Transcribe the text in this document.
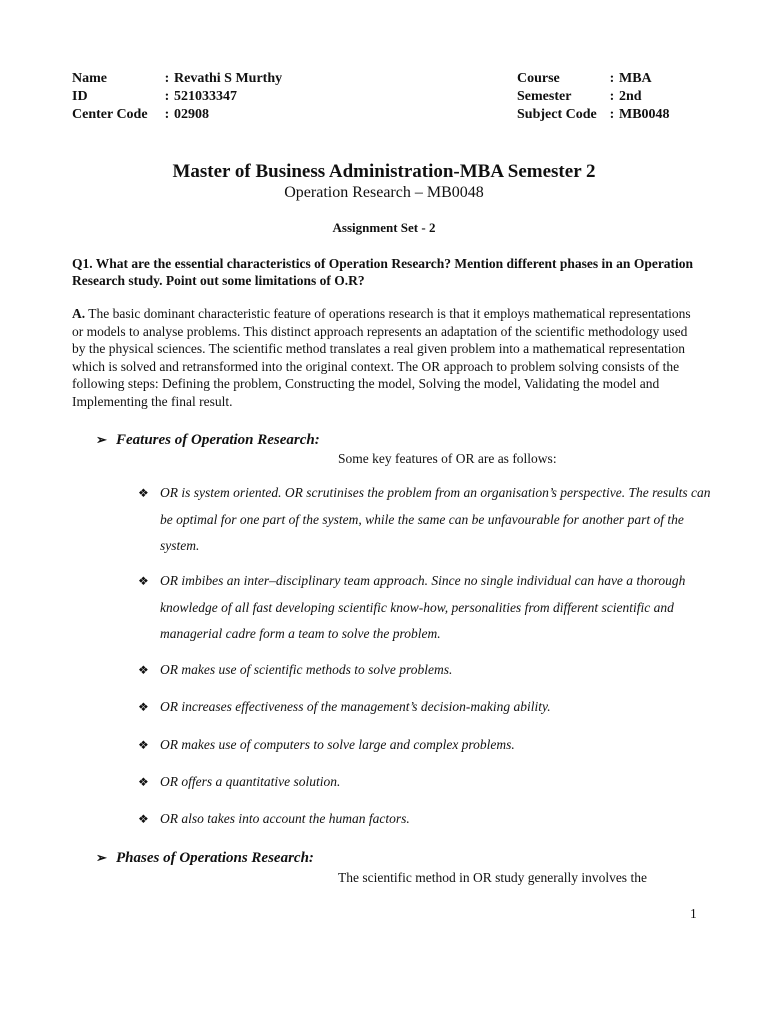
Name	: Revathi S Murthy
ID	: 521033347
Center Code	: 02908
Course	: MBA
Semester	: 2nd
Subject Code : MB0048
Master of Business Administration-MBA Semester 2
Operation Research – MB0048
Assignment Set - 2
Q1. What are the essential characteristics of Operation Research? Mention different phases in an Operation Research study. Point out some limitations of O.R?
A. The basic dominant characteristic feature of operations research is that it employs mathematical representations or models to analyse problems. This distinct approach represents an adaptation of the scientific methodology used by the physical sciences. The scientific method translates a real given problem into a mathematical representation which is solved and retransformed into the original context. The OR approach to problem solving consists of the following steps: Defining the problem, Constructing the model, Solving the model, Validating the model and Implementing the final result.
➢ Features of Operation Research:
Some key features of OR are as follows:
❖ OR is system oriented. OR scrutinises the problem from an organisation’s perspective. The results can be optimal for one part of the system, while the same can be unfavourable for another part of the system.
❖ OR imbibes an inter–disciplinary team approach. Since no single individual can have a thorough knowledge of all fast developing scientific know-how, personalities from different scientific and managerial cadre form a team to solve the problem.
❖ OR makes use of scientific methods to solve problems.
❖ OR increases effectiveness of the management’s decision-making ability.
❖ OR makes use of computers to solve large and complex problems.
❖ OR offers a quantitative solution.
❖ OR also takes into account the human factors.
➢ Phases of Operations Research:
The scientific method in OR study generally involves the
1
